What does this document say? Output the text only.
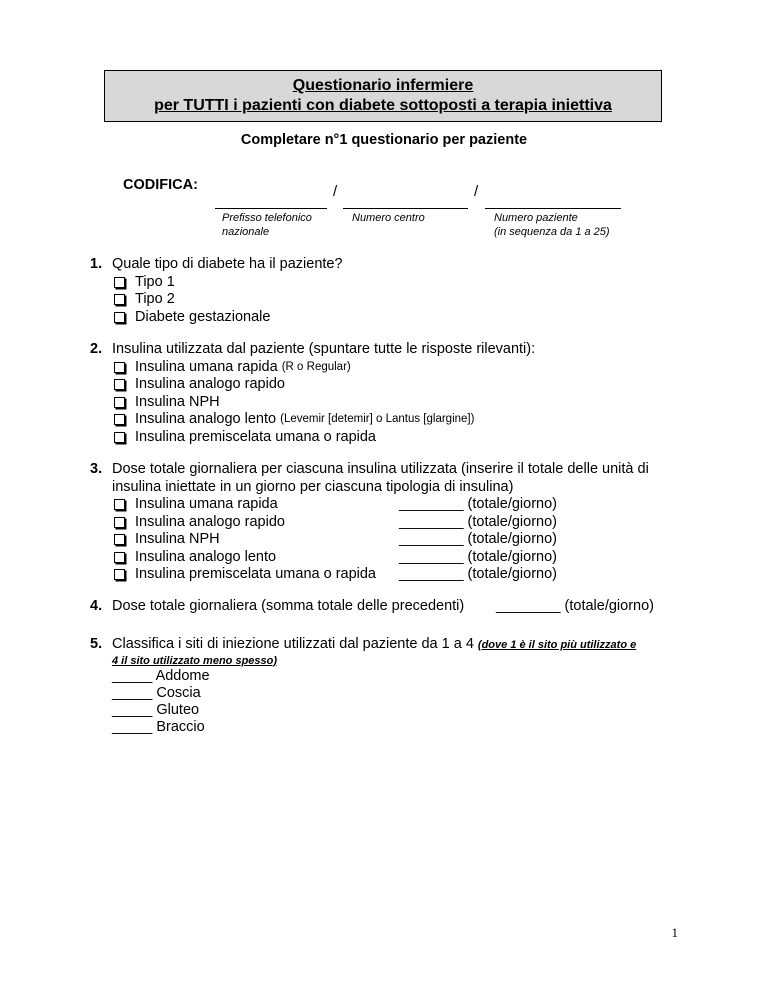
Questionario infermiere
per TUTTI i pazienti con diabete sottoposti a terapia iniettiva
Completare n°1 questionario per paziente
CODIFICA:	/	/
Prefisso telefonico
nazionale
Numero centro	Numero paziente
(in sequenza da 1 a 25)
1. Quale tipo di diabete ha il paziente?
Tipo 1
Tipo 2
Diabete gestazionale
2. Insulina utilizzata dal paziente (spuntare tutte le risposte rilevanti):
Insulina umana rapida
(R o Regular)
Insulina analogo rapido
Insulina NPH
Insulina analogo lento
(Levemir [detemir] o Lantus [glargine])
Insulina premiscelata umana o rapida
3. Dose totale giornaliera per ciascuna insulina utilizzata (inserire il totale delle unità di
insulina iniettate in un giorno per ciascuna tipologia di insulina)
Insulina umana rapida	________ (totale/giorno)
Insulina analogo rapido	________ (totale/giorno)
Insulina NPH	________ (totale/giorno)
Insulina analogo lento	________ (totale/giorno)
Insulina premiscelata umana o rapida ________ (totale/giorno)
4. Dose totale giornaliera (somma totale delle precedenti) ________ (totale/giorno)
5. Classifica i siti di iniezione utilizzati dal paziente da 1 a 4 (dove 1 è il sito più utilizzato e
4 il sito utilizzato meno spesso)
_____ Addome
_____ Coscia
_____ Gluteo
_____ Braccio
1
